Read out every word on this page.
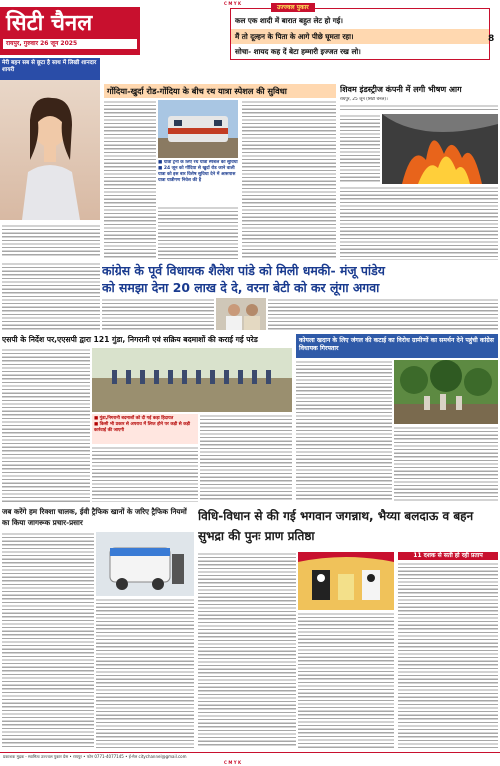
C M Y K
सिटी चैनल
रायपुर, गुरुवार 26 जून 2025
उज्ज्वल पुकार
कल एक शादी में बारात बहुत लेट हो गई।
मैं तो दूल्हन के पिता के आगे पीछे घूमता रहा।
सोचा- शायद कह दें बेटा हम्मारी इज्जत रख लो।
8
मेरी बहन सब से छूटा है साथ में लिखी शानदार शायरी
गोंदिया-खुर्दा रोड-गोंदिया के बीच रथ यात्रा स्पेशल की सुविधा
■ यात्रा ट्रेनों के लिए रथ यात्रा स्पेशल की सुविधा
■ 24 जून को गोंदिया से खुर्दा रोड जाने वाली यात्रा को इस बार विशेष सुविधा देने में आसपास यात्रा यात्रीगण निवेश की है
शिवम इंडस्ट्रीज कंपनी में लगी भीषण आग
रायपुर, 25 जून (सिटी चैनल)।
कांग्रेस के पूर्व विधायक शैलेश पांडे को मिली धमकी- मंजू पांडेय
को समझा देना 20 लाख दे दे, वरना बेटी को कर लूंगा अगवा
एसपी के निर्देश पर,एएसपी द्वारा 121 गुंडा, निगरानी एवं सक्रिय बदमाशों की कराई गई परेड
■ गुंडा,निगरानी बदमाशों को दी गई कड़ा हिदायत
■ किसी भी प्रकार से अपराध में लिप्त होने पर कड़ी से कड़ी कार्रवाई की जाएगी
कोयला खदान के लिए जंगल की कटाई का विरोध ग्रामीणों का समर्थन देने पहुंची कांग्रेस विधायक गिरफ्तार
जब करेंगे हम रिक्शा चालक, ईवी ट्रैफिक खानों के जरिए ट्रैफिक नियमों का किया जागरूक प्रचार-प्रसार	विधि-विधान से की गई भगवान जगन्नाथ, भैय्या बलदाऊ व बहन सुभद्रा की पुनः प्राण प्रतिष्ठा
11 दशक से सती हो रही प्रताप
प्रकाशक मुद्रक - स्वामित्व उज्ज्वल पुकार प्रेस • रायपुर • फोन 0771-4077145 • ई-मेल citychannel@gmail.com
C M Y K
